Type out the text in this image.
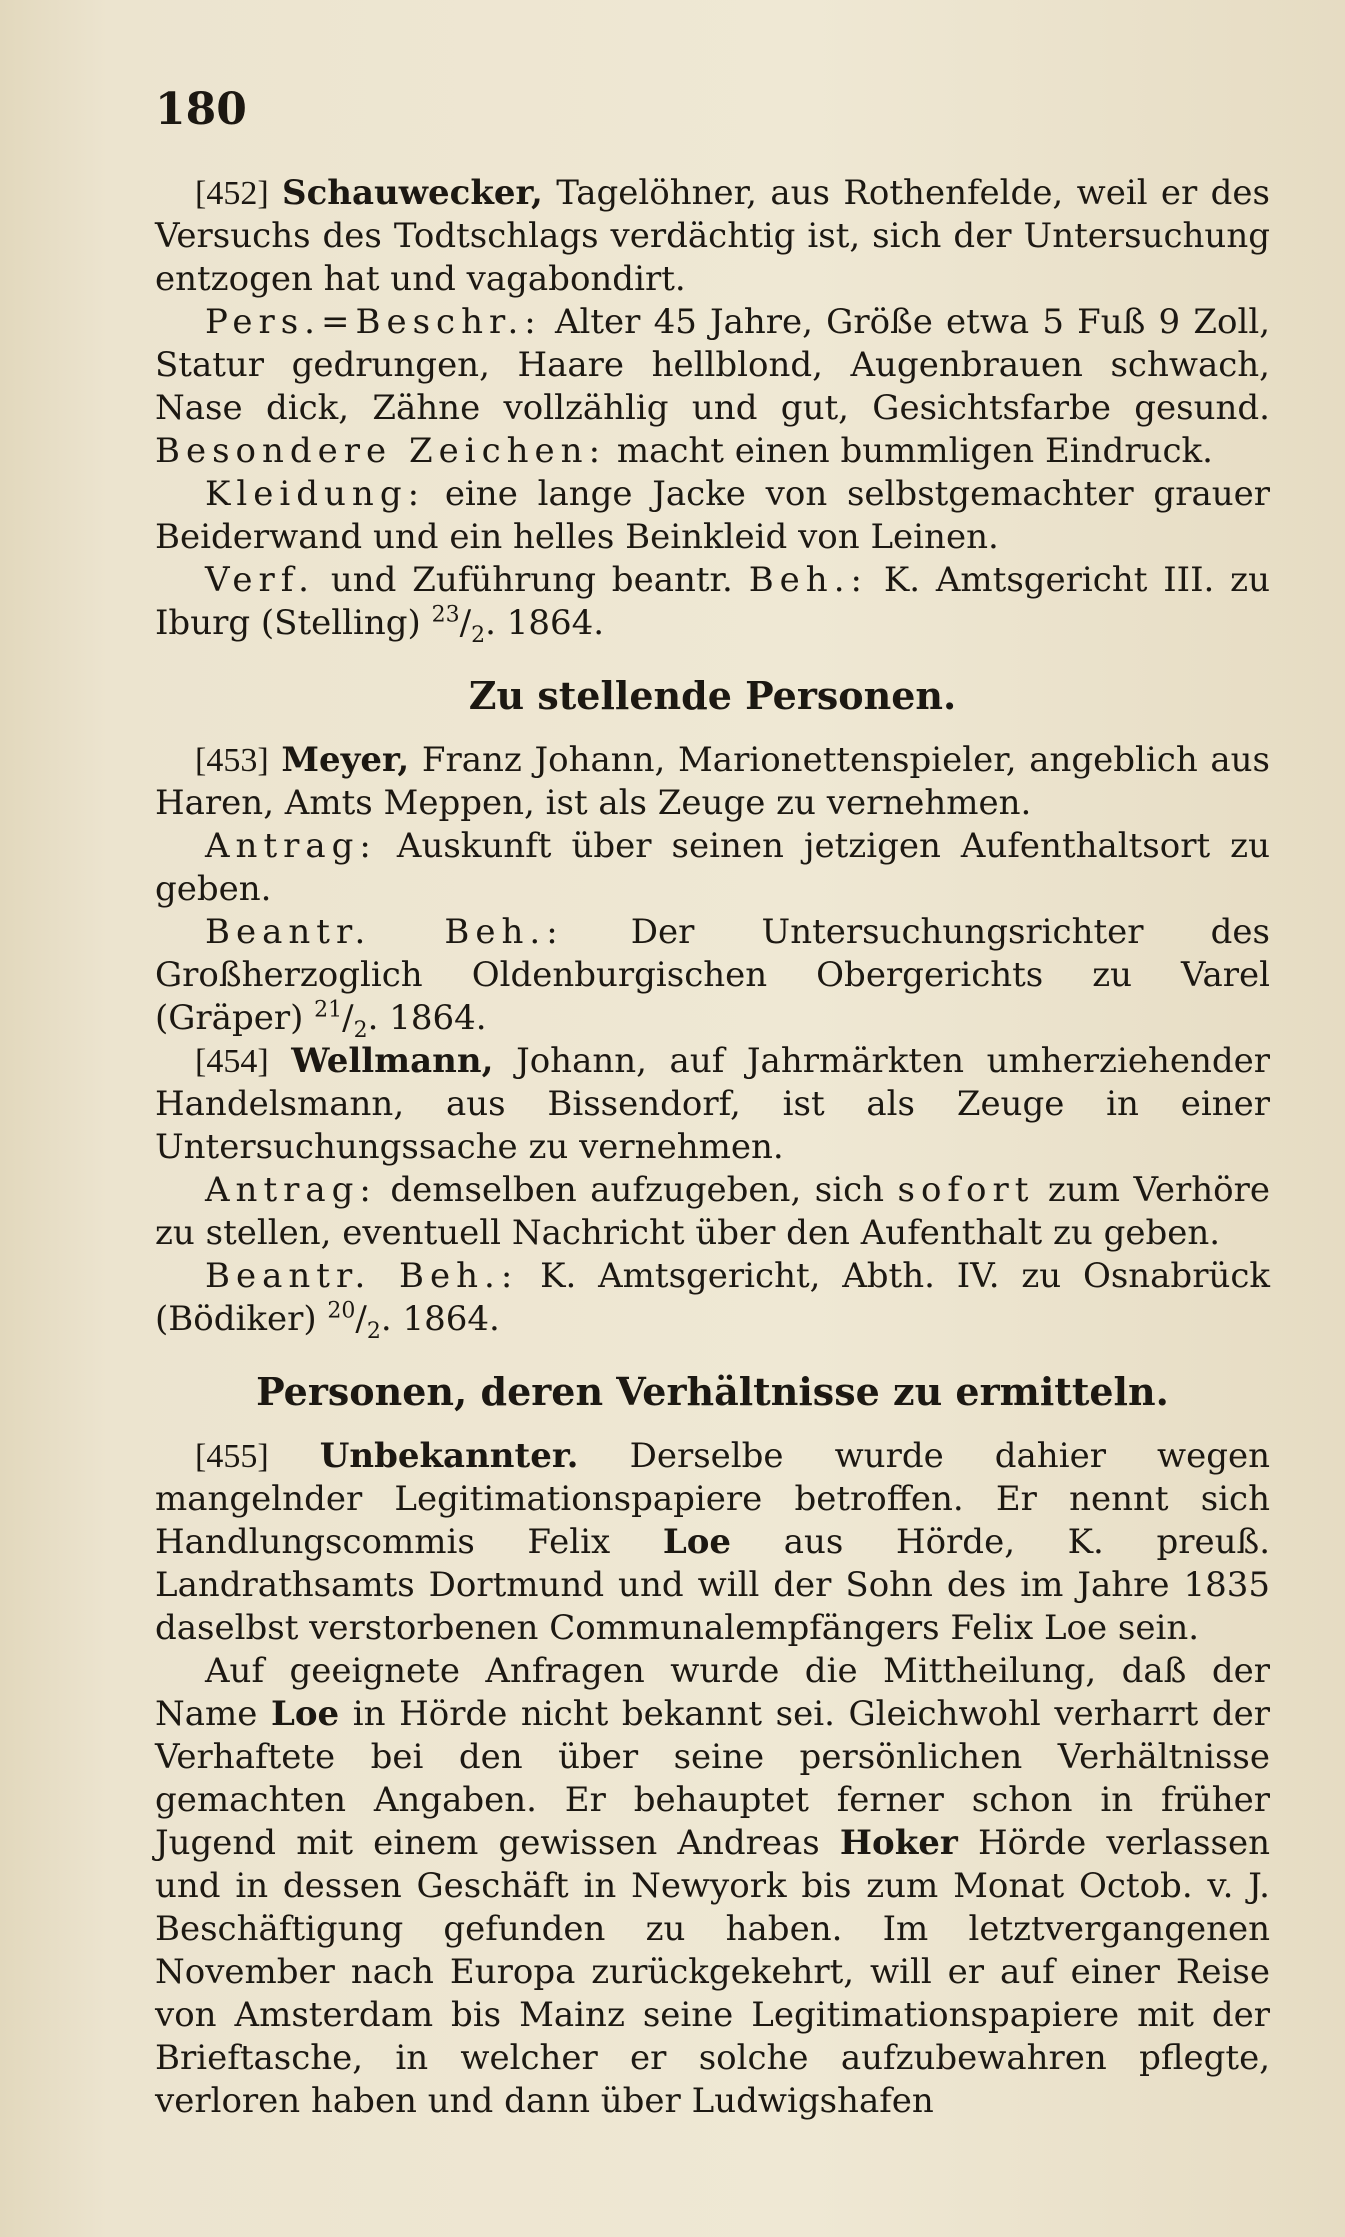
180

[452] Schauwecker, Tagelöhner, aus Rothenfelde, weil er des Versuchs des Todtschlags verdächtig ist, sich der Untersuchung entzogen hat und vagabondirt.

Pers.=Beschr.: Alter 45 Jahre, Größe etwa 5 Fuß 9 Zoll, Statur gedrungen, Haare hellblond, Augenbrauen schwach, Nase dick, Zähne vollzählig und gut, Gesichtsfarbe gesund. Besondere Zeichen: macht einen bummligen Eindruck.

Kleidung: eine lange Jacke von selbstgemachter grauer Beiderwand und ein helles Beinkleid von Leinen.

Verf. und Zuführung beantr. Beh.: K. Amtsgericht III. zu Iburg (Stelling) $^{23}/_2$. 1864.

Zu stellende Personen.

[453] Meyer, Franz Johann, Marionettenspieler, angeblich aus Haren, Amts Meppen, ist als Zeuge zu vernehmen.

Antrag: Auskunft über seinen jetzigen Aufenthaltsort zu geben.

Beantr. Beh.: Der Untersuchungsrichter des Großherzoglich Oldenburgischen Obergerichts zu Varel (Gräper) $^{21}/_2$. 1864.

[454] Wellmann, Johann, auf Jahrmärkten umherziehender Handelsmann, aus Bissendorf, ist als Zeuge in einer Untersuchungssache zu vernehmen.

Antrag: demselben aufzugeben, sich sofort zum Verhöre zu stellen, eventuell Nachricht über den Aufenthalt zu geben.

Beantr. Beh.: K. Amtsgericht, Abth. IV. zu Osnabrück (Bödiker) $^{20}/_2$. 1864.

Personen, deren Verhältnisse zu ermitteln.

[455] Unbekannter. Derselbe wurde dahier wegen mangelnder Legitimationspapiere betroffen. Er nennt sich Handlungscommis Felix Loe aus Hörde, K. preuß. Landrathsamts Dortmund und will der Sohn des im Jahre 1835 daselbst verstorbenen Communalempfängers Felix Loe sein.

Auf geeignete Anfragen wurde die Mittheilung, daß der Name Loe in Hörde nicht bekannt sei. Gleichwohl verharrt der Verhaftete bei den über seine persönlichen Verhältnisse gemachten Angaben. Er behauptet ferner schon in früher Jugend mit einem gewissen Andreas Hoker Hörde verlassen und in dessen Geschäft in Newyork bis zum Monat Octob. v. J. Beschäftigung gefunden zu haben. Im letztvergangenen November nach Europa zurückgekehrt, will er auf einer Reise von Amsterdam bis Mainz seine Legitimationspapiere mit der Brieftasche, in welcher er solche aufzubewahren pflegte, verloren haben und dann über Ludwigshafen
